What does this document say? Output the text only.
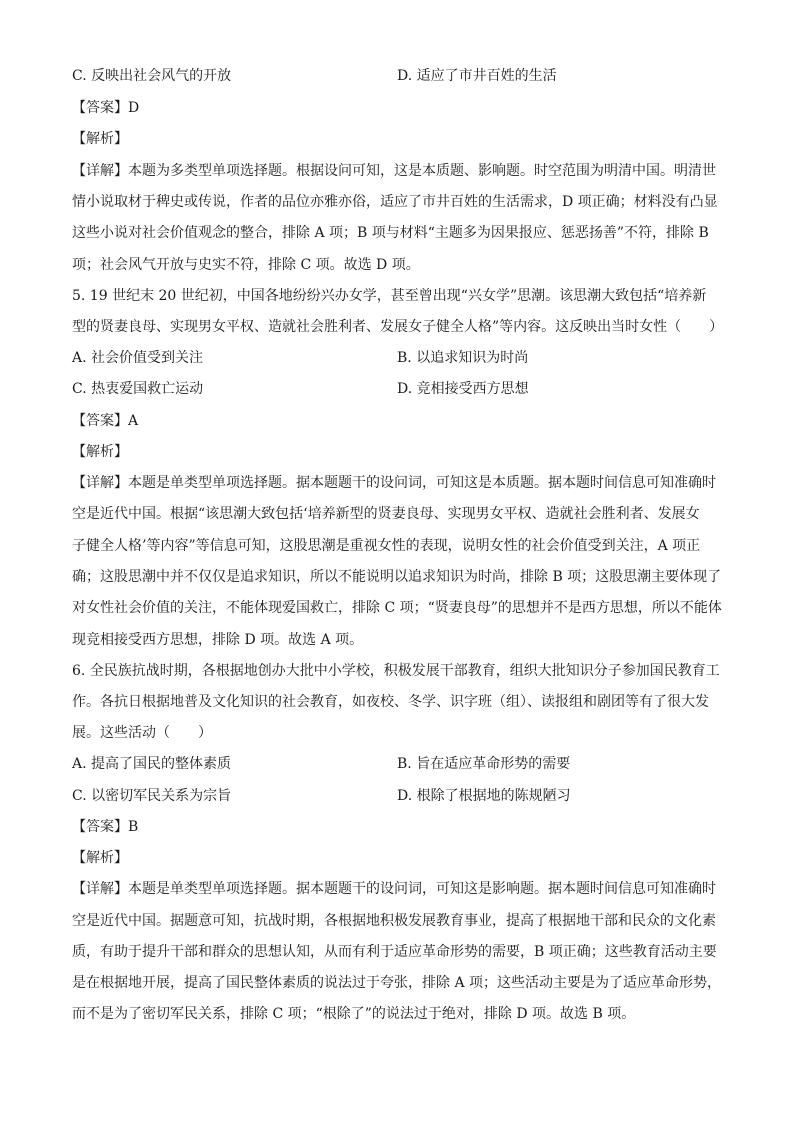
C. 反映出社会风气的开放	D. 适应了市井百姓的生活
【答案】D
【解析】
【详解】本题为多类型单项选择题。根据设问可知，这是本质题、影响题。时空范围为明清中国。明清世
情小说取材于稗史或传说，作者的品位亦雅亦俗，适应了市井百姓的生活需求，D 项正确；材料没有凸显
这些小说对社会价值观念的整合，排除 A 项；B 项与材料“主题多为因果报应、惩恶扬善”不符，排除 B
项；社会风气开放与史实不符，排除 C 项。故选 D 项。
5. 19 世纪末 20 世纪初，中国各地纷纷兴办女学，甚至曾出现“兴女学”思潮。该思潮大致包括“培养新
型的贤妻良母、实现男女平权、造就社会胜利者、发展女子健全人格”等内容。这反映出当时女性（　　）
A. 社会价值受到关注	B. 以追求知识为时尚
C. 热衷爱国救亡运动	D. 竞相接受西方思想
【答案】A
【解析】
【详解】本题是单类型单项选择题。据本题题干的设问词，可知这是本质题。据本题时间信息可知准确时
空是近代中国。根据“该思潮大致包括‘培养新型的贤妻良母、实现男女平权、造就社会胜利者、发展女
子健全人格’等内容”等信息可知，这股思潮是重视女性的表现，说明女性的社会价值受到关注，A 项正
确；这股思潮中并不仅仅是追求知识，所以不能说明以追求知识为时尚，排除 B 项；这股思潮主要体现了
对女性社会价值的关注，不能体现爱国救亡，排除 C 项；“贤妻良母”的思想并不是西方思想，所以不能体
现竞相接受西方思想，排除 D 项。故选 A 项。
6. 全民族抗战时期，各根据地创办大批中小学校，积极发展干部教育，组织大批知识分子参加国民教育工
作。各抗日根据地普及文化知识的社会教育，如夜校、冬学、识字班（组）、读报组和剧团等有了很大发
展。这些活动（　　）
A. 提高了国民的整体素质	B. 旨在适应革命形势的需要
C. 以密切军民关系为宗旨	D. 根除了根据地的陈规陋习
【答案】B
【解析】
【详解】本题是单类型单项选择题。据本题题干的设问词，可知这是影响题。据本题时间信息可知准确时
空是近代中国。据题意可知，抗战时期，各根据地积极发展教育事业，提高了根据地干部和民众的文化素
质，有助于提升干部和群众的思想认知，从而有利于适应革命形势的需要，B 项正确；这些教育活动主要
是在根据地开展，提高了国民整体素质的说法过于夸张，排除 A 项；这些活动主要是为了适应革命形势，
而不是为了密切军民关系，排除 C 项；“根除了”的说法过于绝对，排除 D 项。故选 B 项。
